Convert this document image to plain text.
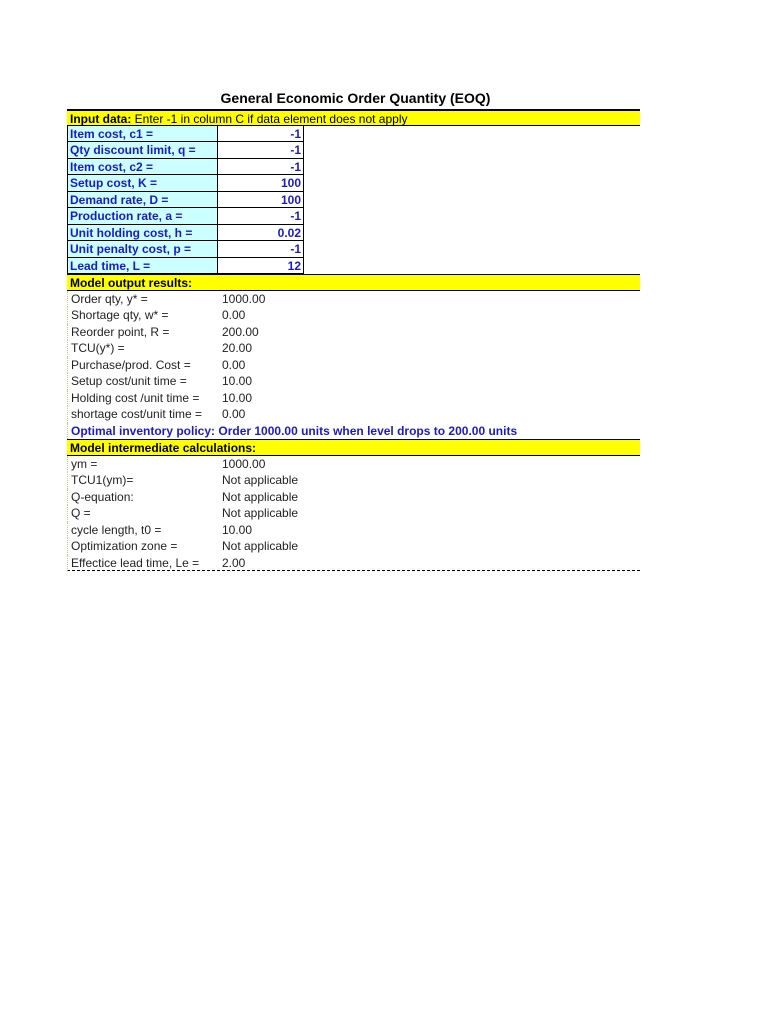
General Economic Order Quantity (EOQ)
Input data: Enter -1 in column C if data element does not apply
Item cost, c1 =	-1
Qty discount limit, q =	-1
Item cost, c2 =	-1
Setup cost, K =	100
Demand rate, D =	100
Production rate, a =	-1
Unit holding cost, h =	0.02
Unit penalty cost, p =	-1
Lead time, L =	12
Model output results:
Order qty, y* =	1000.00
Shortage qty, w* =	0.00
Reorder point, R =	200.00
TCU(y*) =	20.00
Purchase/prod. Cost =	0.00
Setup cost/unit time =	10.00
Holding cost /unit time =	10.00
shortage cost/unit time =	0.00
Optimal inventory policy: Order 1000.00 units when level drops to 200.00 units
Model intermediate calculations:
ym =	1000.00
TCU1(ym)=	Not applicable
Q-equation:	Not applicable
Q =	Not applicable
cycle length, t0 =	10.00
Optimization zone =	Not applicable
Effectice lead time, Le =	2.00
